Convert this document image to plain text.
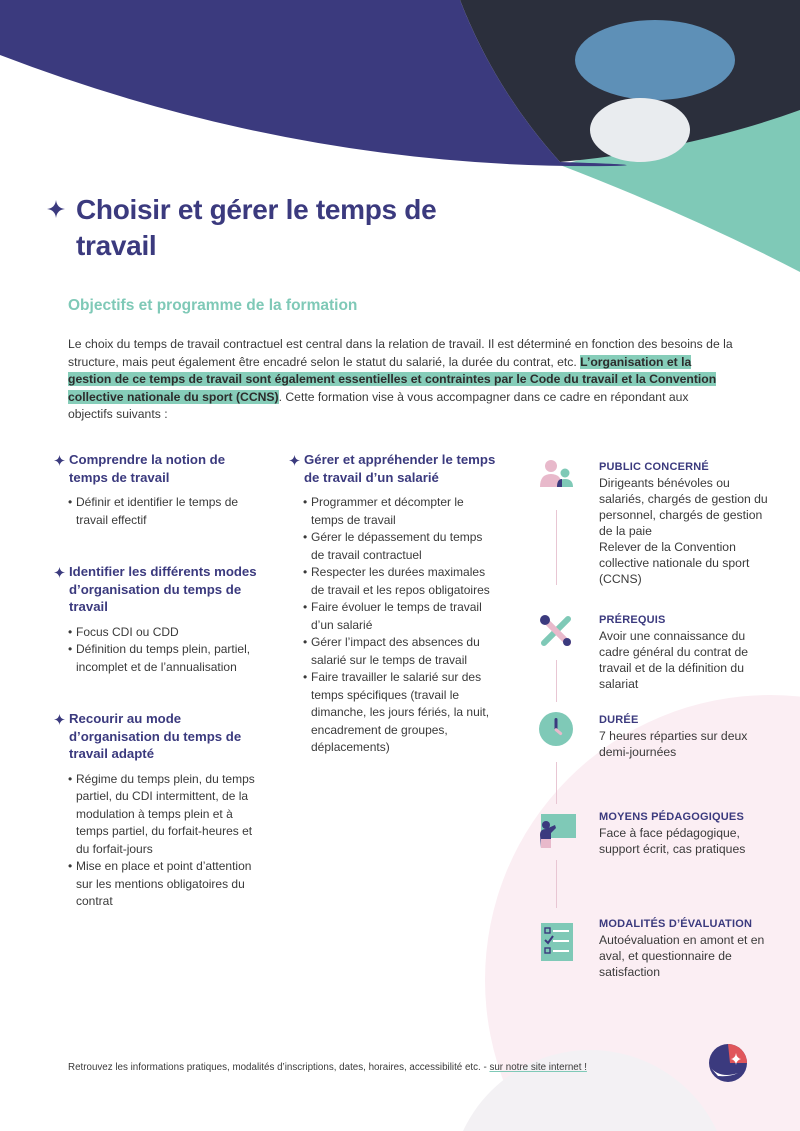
Choisir et gérer le temps de travail
Objectifs et programme de la formation

Le choix du temps de travail contractuel est central dans la relation de travail. Il est déterminé en fonction des besoins de la structure, mais peut également être encadré selon le statut du salarié, la durée du contrat, etc. L’organisation et la gestion de ce temps de travail sont également essentielles et contraintes par le Code du travail et la Convention collective nationale du sport (CCNS). Cette formation vise à vous accompagner dans ce cadre en répondant aux objectifs suivants :

Comprendre la notion de temps de travail
• Définir et identifier le temps de travail effectif
Identifier les différents modes d’organisation du temps de travail
• Focus CDI ou CDD
• Définition du temps plein, partiel, incomplet et de l’annualisation
Recourir au mode d’organisation du temps de travail adapté
• Régime du temps plein, du temps partiel, du CDI intermittent, de la modulation à temps plein et à temps partiel, du forfait-heures et du forfait-jours
• Mise en place et point d’attention sur les mentions obligatoires du contrat
Gérer et appréhender le temps de travail d’un salarié
• Programmer et décompter le temps de travail
• Gérer le dépassement du temps de travail contractuel
• Respecter les durées maximales de travail et les repos obligatoires
• Faire évoluer le temps de travail d’un salarié
• Gérer l’impact des absences du salarié sur le temps de travail
• Faire travailler le salarié sur des temps spécifiques (travail le dimanche, les jours fériés, la nuit, encadrement de groupes, déplacements)
PUBLIC CONCERNÉ
Dirigeants bénévoles ou salariés, chargés de gestion du personnel, chargés de gestion de la paie
Relever de la Convention collective nationale du sport (CCNS)
PRÉREQUIS
Avoir une connaissance du cadre général du contrat de travail et de la définition du salariat
DURÉE
7 heures réparties sur deux demi-journées
MOYENS PÉDAGOGIQUES
Face à face pédagogique, support écrit, cas pratiques
MODALITÉS D’ÉVALUATION
Autoévaluation en amont et en aval, et questionnaire de satisfaction
Retrouvez les informations pratiques, modalités d’inscriptions, dates, horaires, accessibilité etc. - sur notre site internet !
